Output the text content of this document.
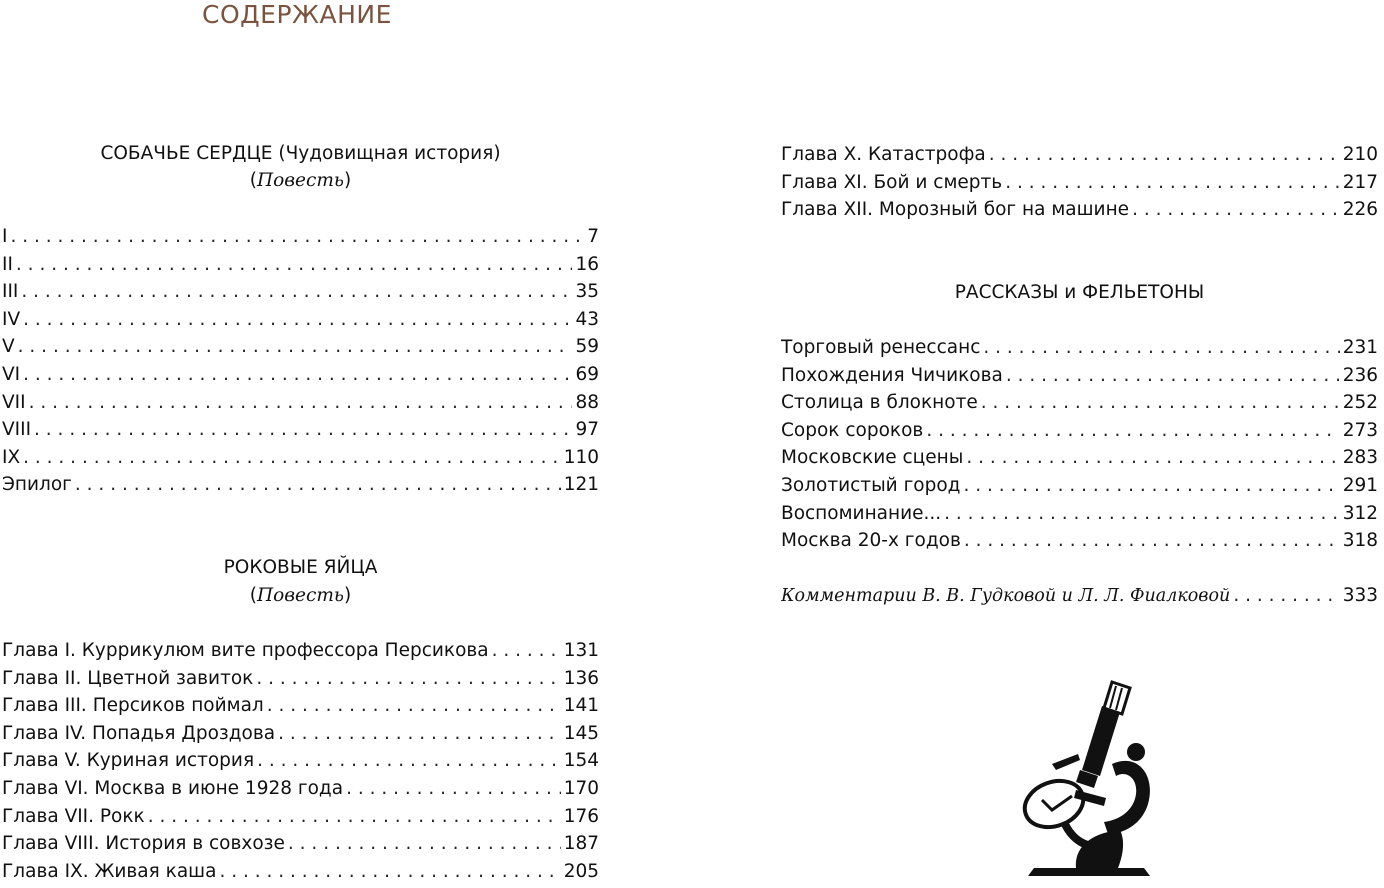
СОДЕРЖАНИЕ
СОБАЧЬЕ СЕРДЦЕ (Чудовищная история)
(Повесть)
I . . .	7
II . . .	16
III . . .	35
IV . . .	43
V . . .	59
VI . . .	69
VII . . .	88
VIII . . .	97
IX . . .	110
Эпилог . . .	121
РОКОВЫЕ ЯЙЦА
(Повесть)
Глава I. Куррикулюм вите профессора Персикова . . .	131
Глава II. Цветной завиток . . .	136
Глава III. Персиков поймал . . .	141
Глава IV. Попадья Дроздова . . .	145
Глава V. Куриная история . . .	154
Глава VI. Москва в июне 1928 года . . .	170
Глава VII. Рокк . . .	176
Глава VIII. История в совхозе . . .	187
Глава IX. Живая каша . . .	205
Глава X. Катастрофа . . .	210
Глава XI. Бой и смерть . . .	217
Глава XII. Морозный бог на машине . . .	226
РАССКАЗЫ и ФЕЛЬЕТОНЫ
Торговый ренессанс . . .	231
Похождения Чичикова . . .	236
Столица в блокноте . . .	252
Сорок сороков . . .	273
Московские сцены . . .	283
Золотистый город . . .	291
Воспоминание... . . .	312
Москва 20-х годов . . .	318
Комментарии В. В. Гудковой и Л. Л. Фиалковой . . .	333
